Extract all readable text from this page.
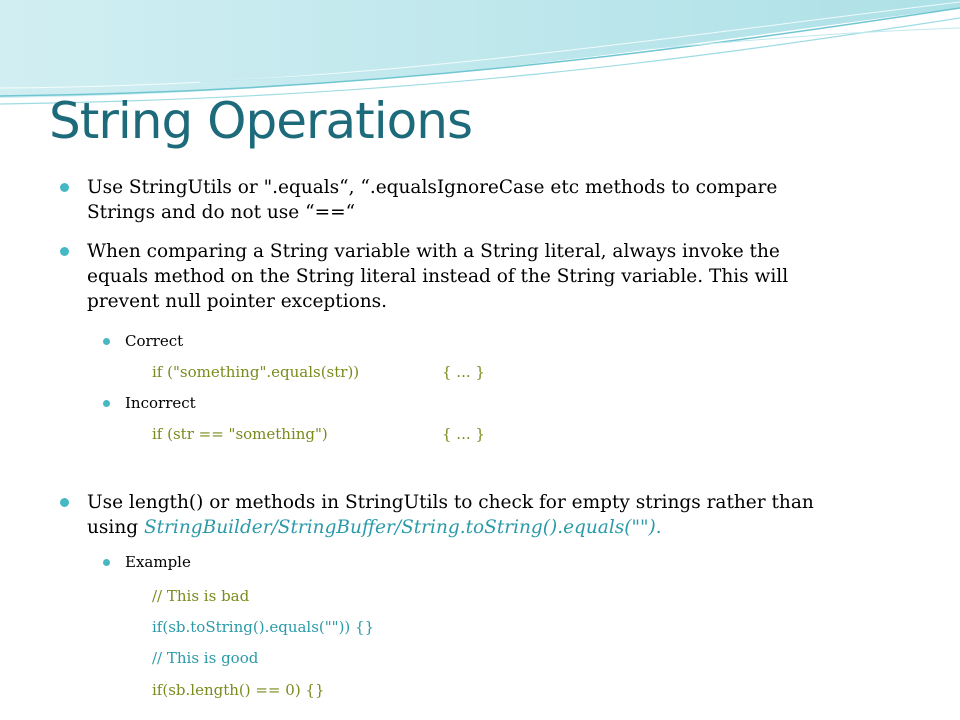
String Operations
Use StringUtils or ".equals“, “.equalsIgnoreCase etc methods to compare
Strings and do not use “==“
When comparing a String variable with a String literal, always invoke the
equals method on the String literal instead of the String variable. This will
prevent null pointer exceptions.
Correct
if ("something".equals(str))	{ ... }
Incorrect
if (str == "something")	{ ... }
Use length() or methods in StringUtils to check for empty strings rather than
using StringBuilder/StringBuffer/String.toString().equals("").
Example
// This is bad
if(sb.toString().equals("")) {}
// This is good
if(sb.length() == 0) {}
